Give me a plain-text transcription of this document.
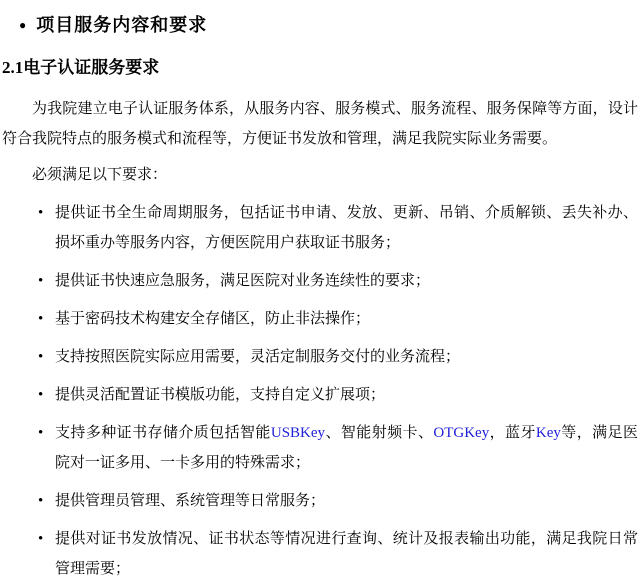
● 项目服务内容和要求
2.1电子认证服务要求

为我院建立电子认证服务体系，从服务内容、服务模式、服务流程、服务保障等方面，设计符合我院特点的服务模式和流程等，方便证书发放和管理，满足我院实际业务需要。

必须满足以下要求：

• 提供证书全生命周期服务，包括证书申请、发放、更新、吊销、介质解锁、丢失补办、损坏重办等服务内容，方便医院用户获取证书服务；
• 提供证书快速应急服务，满足医院对业务连续性的要求；
• 基于密码技术构建安全存储区，防止非法操作；
• 支持按照医院实际应用需要，灵活定制服务交付的业务流程；
• 提供灵活配置证书模版功能，支持自定义扩展项；
• 支持多种证书存储介质包括智能USBKey、智能射频卡、OTGKey，蓝牙Key等，满足医院对一证多用、一卡多用的特殊需求；
• 提供管理员管理、系统管理等日常服务；
• 提供对证书发放情况、证书状态等情况进行查询、统计及报表输出功能，满足我院日常管理需要；
